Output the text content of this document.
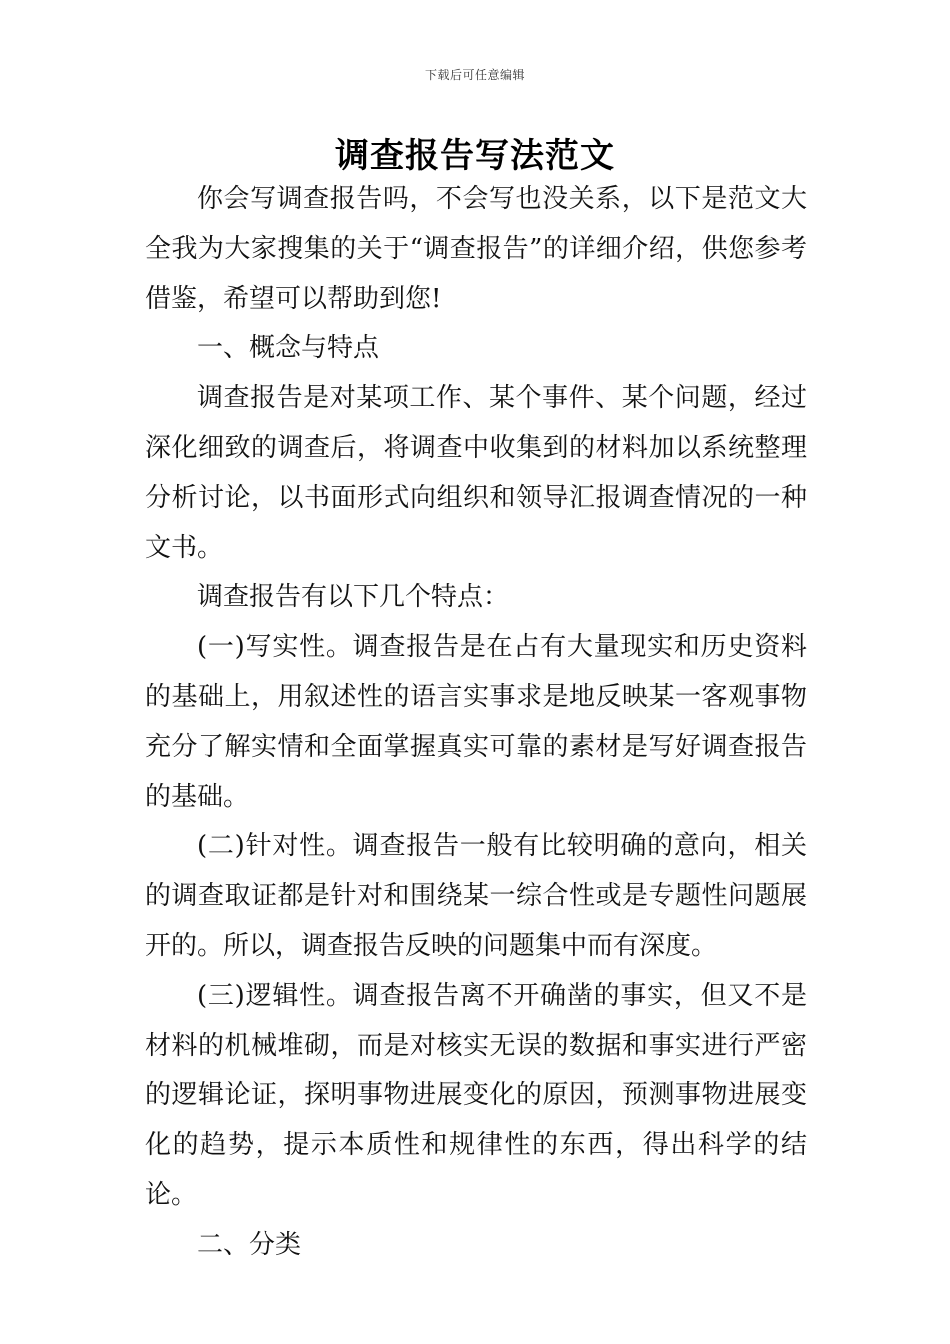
下载后可任意编辑
调查报告写法范文

你会写调查报告吗，不会写也没关系，以下是范文大全我为大家搜集的关于“调查报告”的详细介绍，供您参考借鉴，希望可以帮助到您!

一、概念与特点

调查报告是对某项工作、某个事件、某个问题，经过深化细致的调查后，将调查中收集到的材料加以系统整理分析讨论，以书面形式向组织和领导汇报调查情况的一种文书。

调查报告有以下几个特点：

(一)写实性。调查报告是在占有大量现实和历史资料的基础上，用叙述性的语言实事求是地反映某一客观事物充分了解实情和全面掌握真实可靠的素材是写好调查报告的基础。

(二)针对性。调查报告一般有比较明确的意向，相关的调查取证都是针对和围绕某一综合性或是专题性问题展开的。所以，调查报告反映的问题集中而有深度。

(三)逻辑性。调查报告离不开确凿的事实，但又不是材料的机械堆砌，而是对核实无误的数据和事实进行严密的逻辑论证，探明事物进展变化的原因，预测事物进展变化的趋势，提示本质性和规律性的东西，得出科学的结论。

二、分类
